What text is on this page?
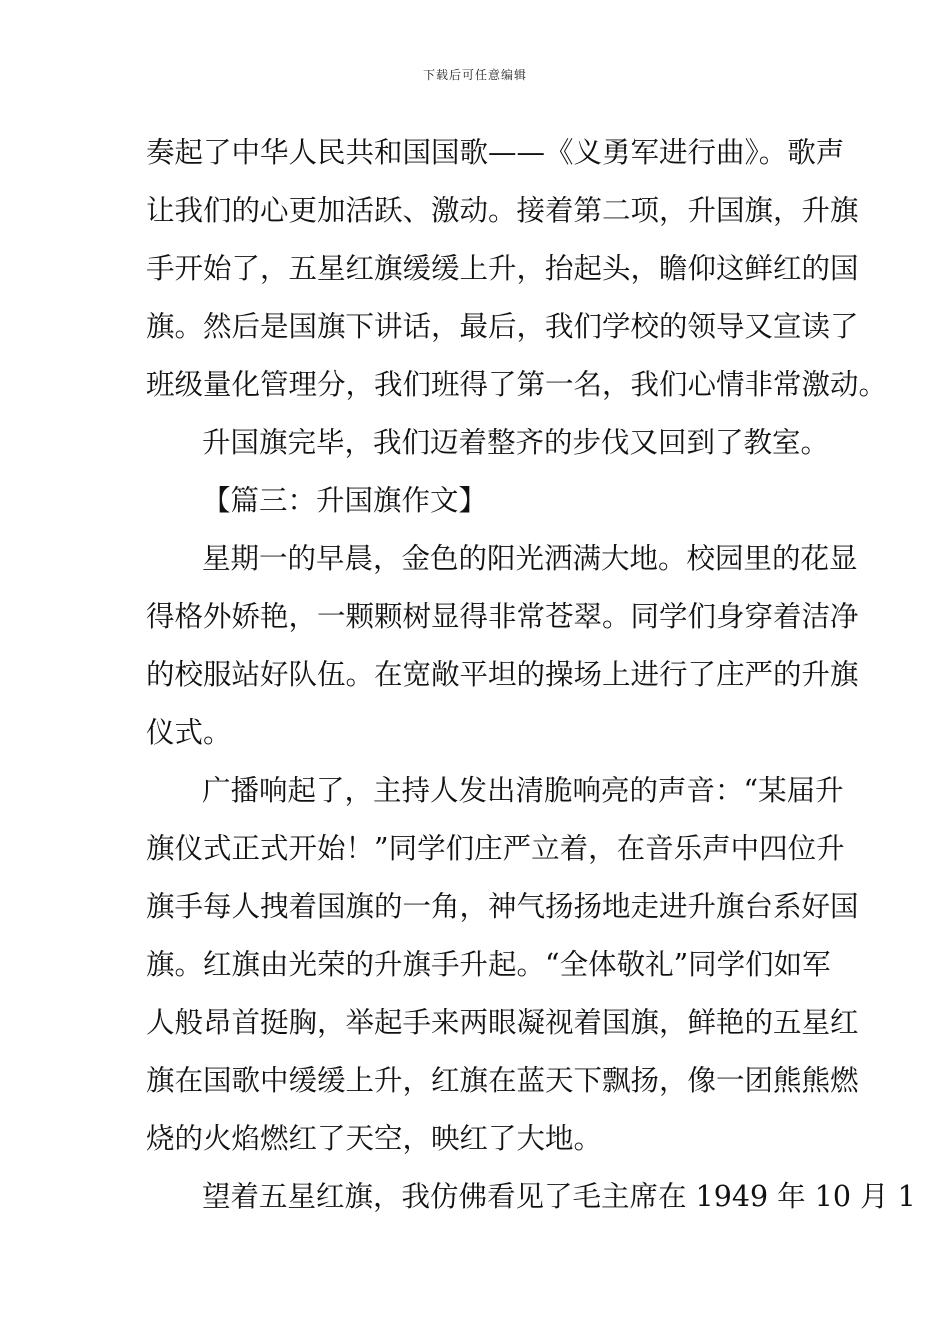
下载后可任意编辑
奏起了中华人民共和国国歌——《义勇军进行曲》。歌声
让我们的心更加活跃、激动。接着第二项，升国旗，升旗
手开始了，五星红旗缓缓上升，抬起头，瞻仰这鲜红的国
旗。然后是国旗下讲话，最后，我们学校的领导又宣读了
班级量化管理分，我们班得了第一名，我们心情非常激动。
升国旗完毕，我们迈着整齐的步伐又回到了教室。
【篇三：升国旗作文】
星期一的早晨，金色的阳光洒满大地。校园里的花显
得格外娇艳，一颗颗树显得非常苍翠。同学们身穿着洁净
的校服站好队伍。在宽敞平坦的操场上进行了庄严的升旗
仪式。
广播响起了，主持人发出清脆响亮的声音：“某届升
旗仪式正式开始！”同学们庄严立着，在音乐声中四位升
旗手每人拽着国旗的一角，神气扬扬地走进升旗台系好国
旗。红旗由光荣的升旗手升起。“全体敬礼”同学们如军
人般昂首挺胸，举起手来两眼凝视着国旗，鲜艳的五星红
旗在国歌中缓缓上升，红旗在蓝天下飘扬，像一团熊熊燃
烧的火焰燃红了天空，映红了大地。
望着五星红旗，我仿佛看见了毛主席在 1949 年 10 月 1
